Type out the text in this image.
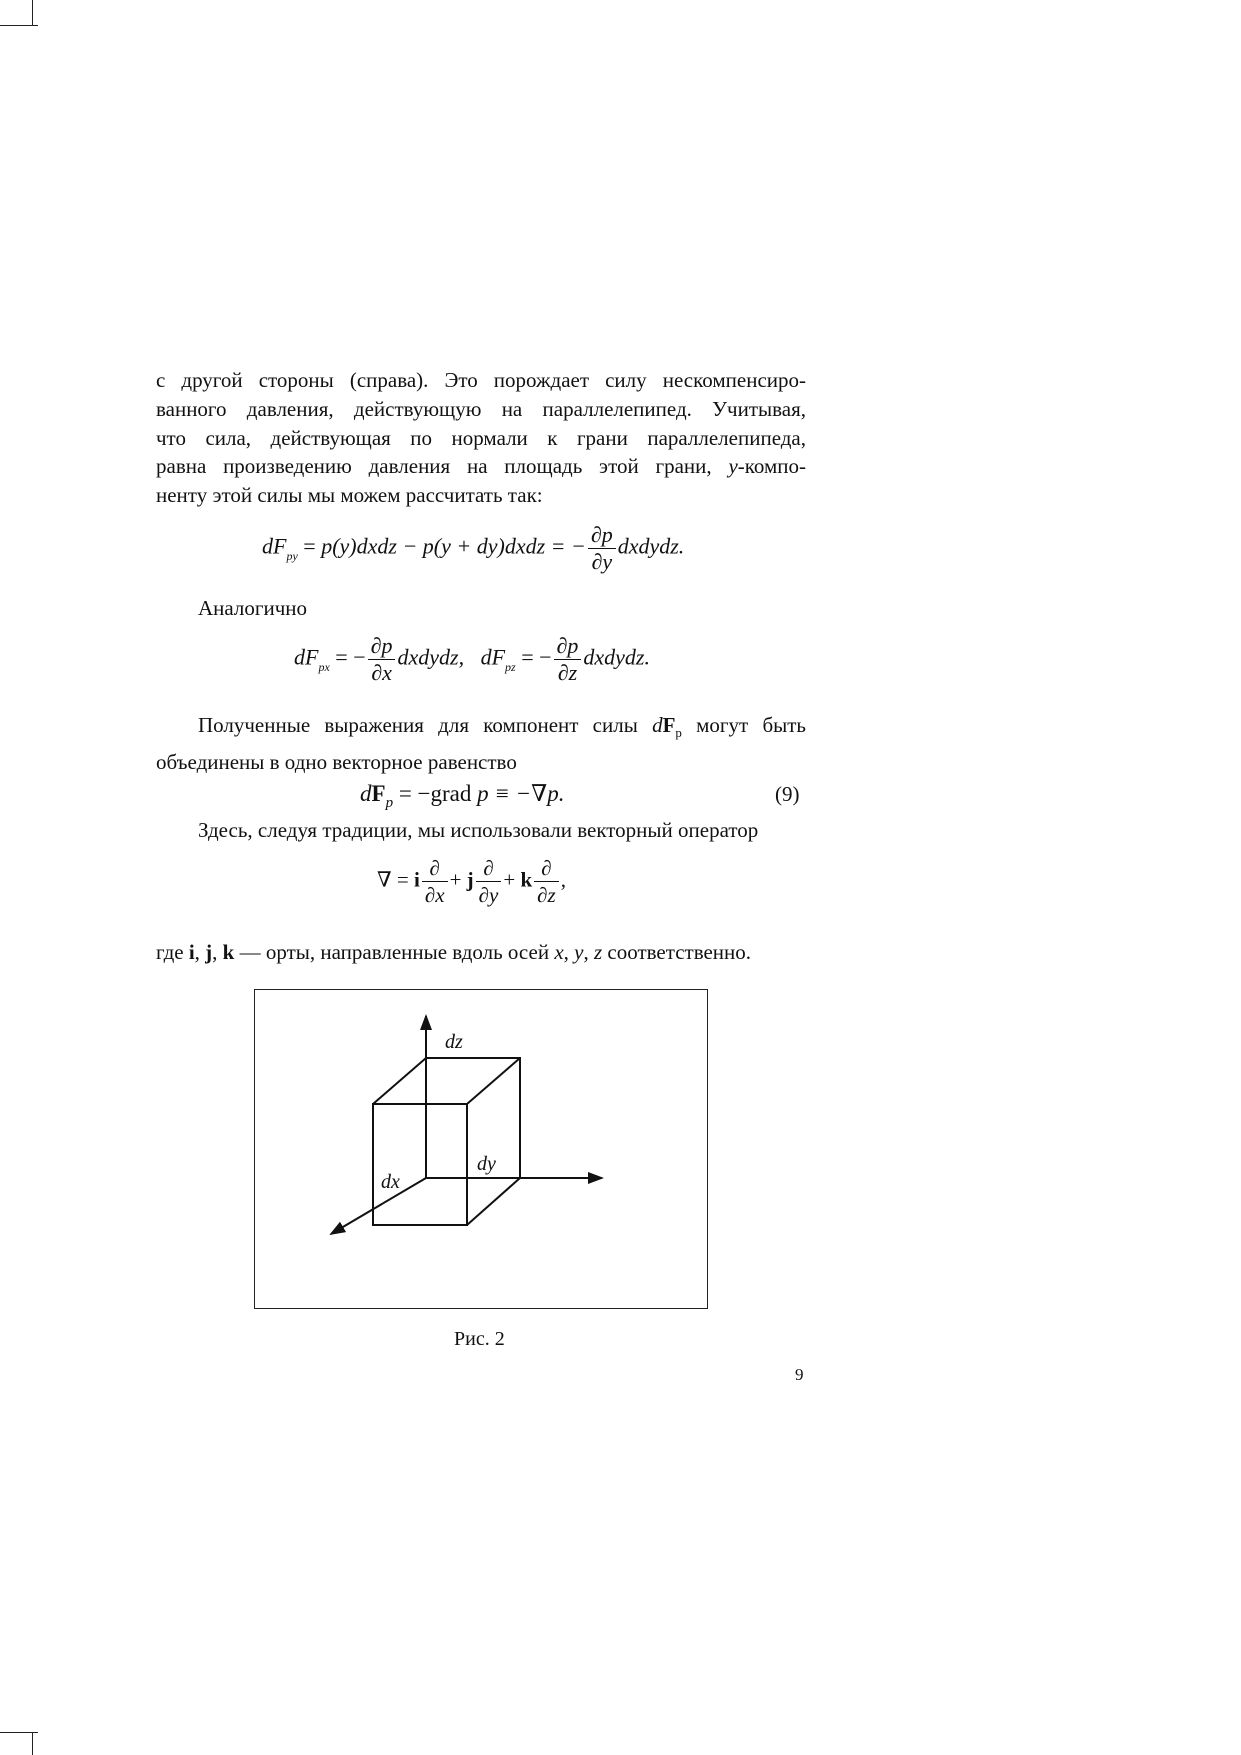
с другой стороны (справа). Это порождает силу нескомпенсиро-
ванного давления, действующую на параллелепипед. Учитывая,
что сила, действующая по нормали к грани параллелепипеда,
равна произведению давления на площадь этой грани, y-компо-
ненту этой силы мы можем рассчитать так:
$dF_{py}$ = p(y)dxdz − p(y + dy)dxdz = − $\frac{\partial p}{\partial y}$ dxdydz.
Аналогично
$dF_{px}$ = − $\frac{\partial p}{\partial x}$ dxdydz, $dF_{pz}$ = − $\frac{\partial p}{\partial z}$ dxdydz.
Полученные выражения для компонент силы $dF_p$ могут быть
объединены в одно векторное равенство
$dF_p$ = −grad p ≡ −∇p.	(9)
Здесь, следуя традиции, мы использовали векторный оператор
∇ = i $\frac{\partial}{\partial x} + j \frac{\partial}{\partial y} + k \frac{\partial}{\partial z}$ ,
где i, j, k — орты, направленные вдоль осей x, y, z соответственно.
dz
dy
dx
Рис. 2
9
